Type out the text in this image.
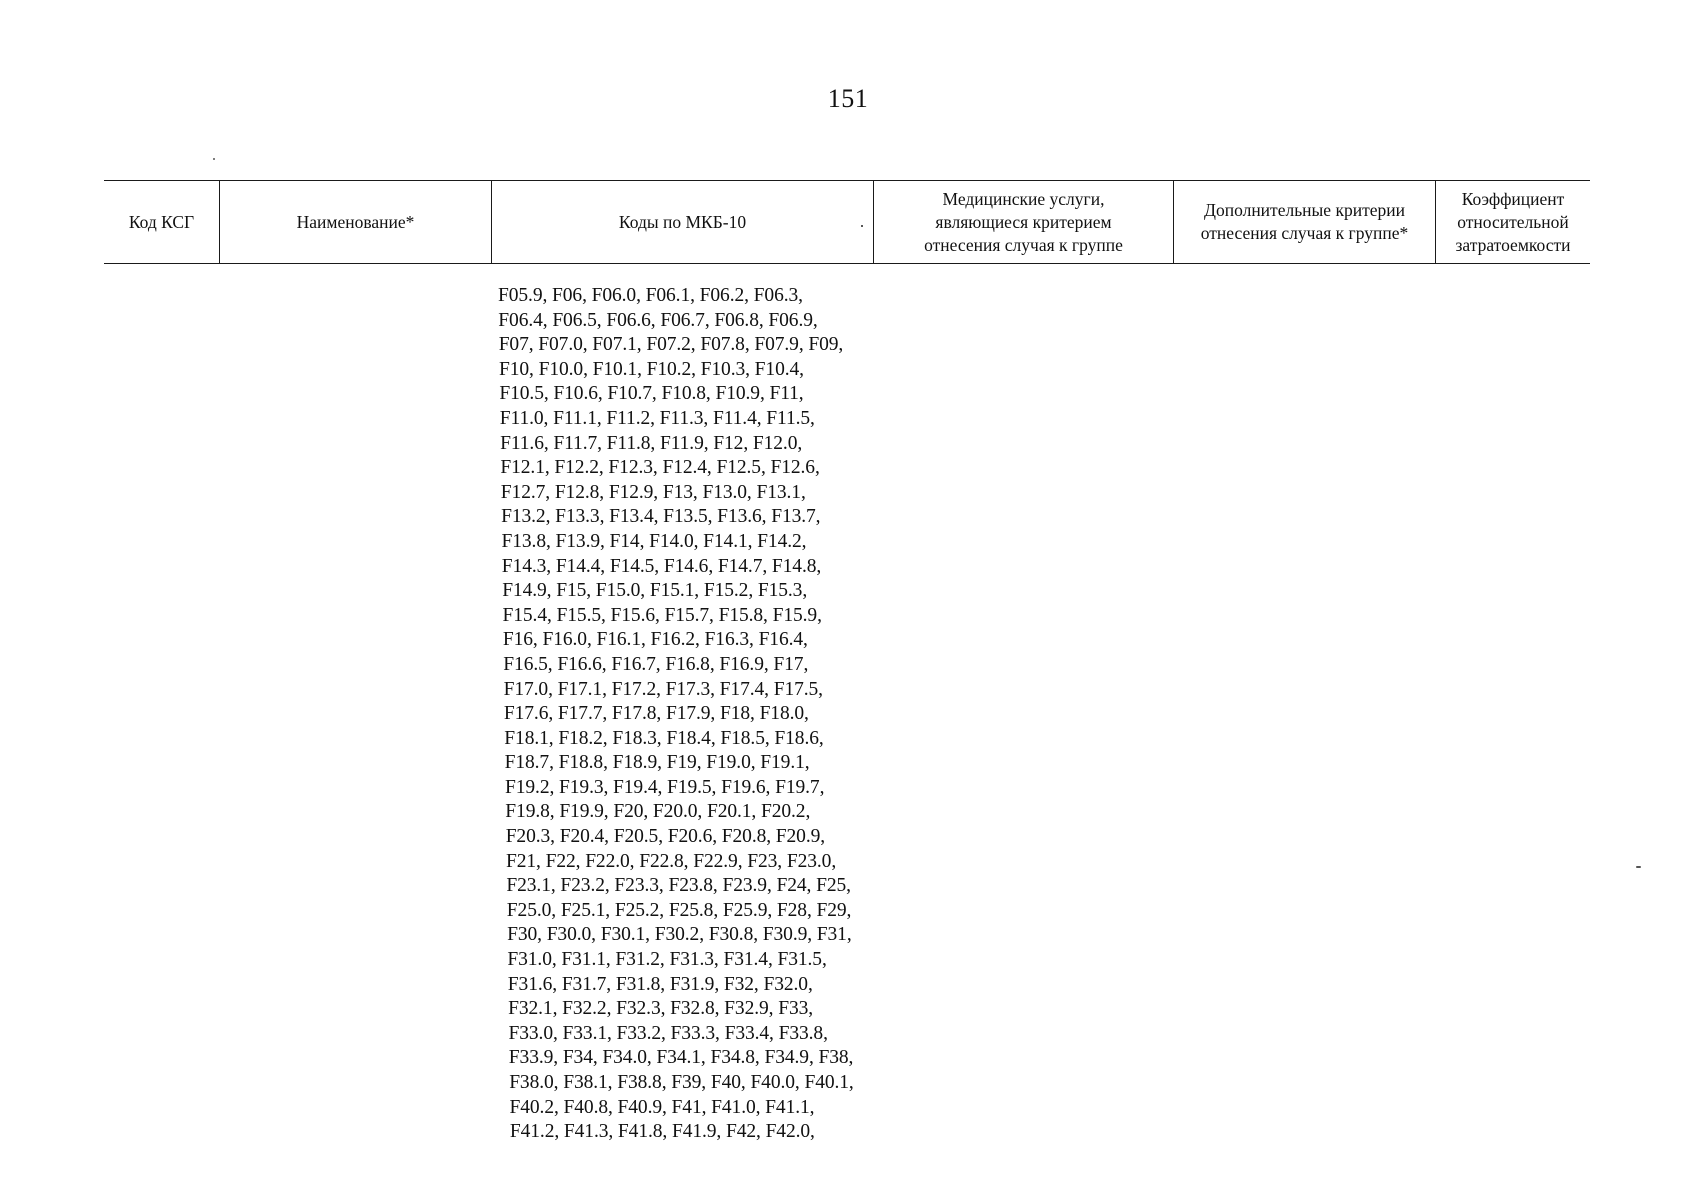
151
Код КСГ	Наименование*	Коды по МКБ-10
Медицинские услуги,
являющиеся критерием
отнесения случая к группе
Дополнительные критерии
отнесения случая к группе*
Коэффициент
относительной
затратоемкости
F05.9, F06, F06.0, F06.1, F06.2, F06.3,
F06.4, F06.5, F06.6, F06.7, F06.8, F06.9,
F07, F07.0, F07.1, F07.2, F07.8, F07.9, F09,
F10, F10.0, F10.1, F10.2, F10.3, F10.4,
F10.5, F10.6, F10.7, F10.8, F10.9, F11,
F11.0, F11.1, F11.2, F11.3, F11.4, F11.5,
F11.6, F11.7, F11.8, F11.9, F12, F12.0,
F12.1, F12.2, F12.3, F12.4, F12.5, F12.6,
F12.7, F12.8, F12.9, F13, F13.0, F13.1,
F13.2, F13.3, F13.4, F13.5, F13.6, F13.7,
F13.8, F13.9, F14, F14.0, F14.1, F14.2,
F14.3, F14.4, F14.5, F14.6, F14.7, F14.8,
F14.9, F15, F15.0, F15.1, F15.2, F15.3,
F15.4, F15.5, F15.6, F15.7, F15.8, F15.9,
F16, F16.0, F16.1, F16.2, F16.3, F16.4,
F16.5, F16.6, F16.7, F16.8, F16.9, F17,
F17.0, F17.1, F17.2, F17.3, F17.4, F17.5,
F17.6, F17.7, F17.8, F17.9, F18, F18.0,
F18.1, F18.2, F18.3, F18.4, F18.5, F18.6,
F18.7, F18.8, F18.9, F19, F19.0, F19.1,
F19.2, F19.3, F19.4, F19.5, F19.6, F19.7,
F19.8, F19.9, F20, F20.0, F20.1, F20.2,
F20.3, F20.4, F20.5, F20.6, F20.8, F20.9,
F21, F22, F22.0, F22.8, F22.9, F23, F23.0,
F23.1, F23.2, F23.3, F23.8, F23.9, F24, F25,
F25.0, F25.1, F25.2, F25.8, F25.9, F28, F29,
F30, F30.0, F30.1, F30.2, F30.8, F30.9, F31,
F31.0, F31.1, F31.2, F31.3, F31.4, F31.5,
F31.6, F31.7, F31.8, F31.9, F32, F32.0,
F32.1, F32.2, F32.3, F32.8, F32.9, F33,
F33.0, F33.1, F33.2, F33.3, F33.4, F33.8,
F33.9, F34, F34.0, F34.1, F34.8, F34.9, F38,
F38.0, F38.1, F38.8, F39, F40, F40.0, F40.1,
F40.2, F40.8, F40.9, F41, F41.0, F41.1,
F41.2, F41.3, F41.8, F41.9, F42, F42.0,
